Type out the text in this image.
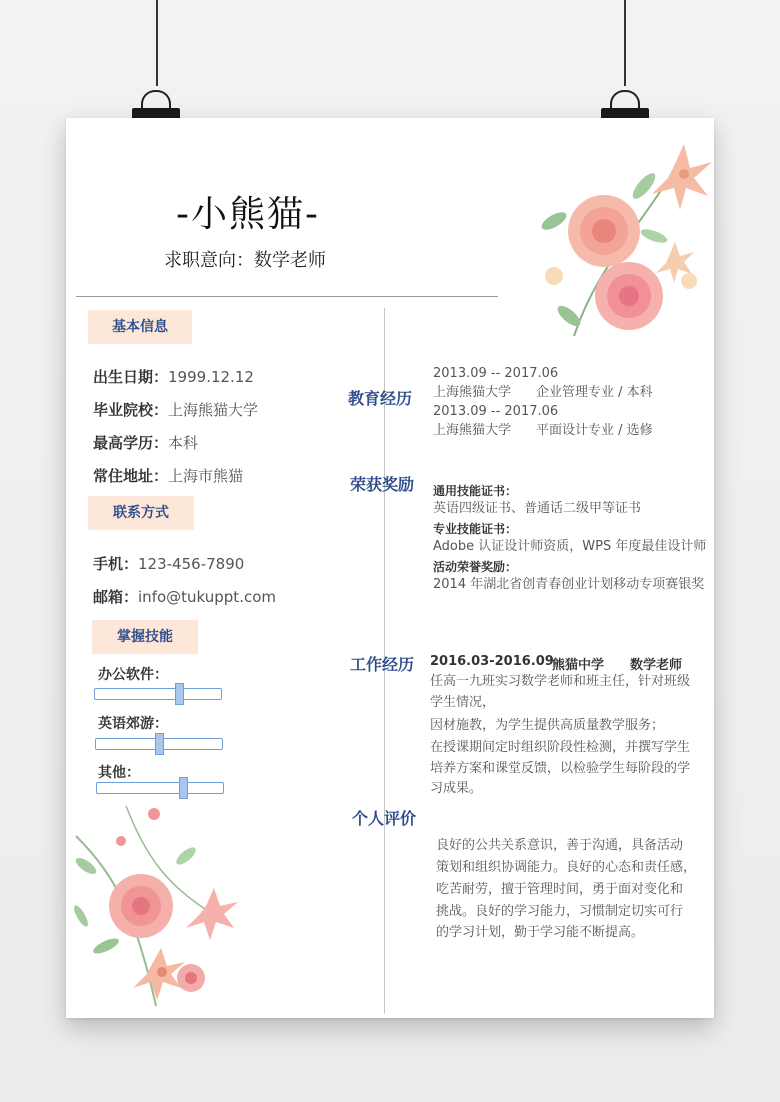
-小熊猫-
求职意向：数学老师
基本信息
出生日期：1999.12.12
毕业院校：上海熊猫大学
最高学历：本科
常住地址：上海市熊猫
联系方式
手机：123-456-7890
邮箱：info@tukuppt.com
掌握技能
办公软件：
英语郊游：
其他：
教育经历
2013.09 -- 2017.06
上海熊猫大学 企业管理专业 / 本科
2013.09 -- 2017.06
上海熊猫大学 平面设计专业 / 选修
荣获奖励 通用技能证书：
英语四级证书、普通话二级甲等证书
专业技能证书：
Adobe 认证设计师资质，WPS 年度最佳设计师
活动荣誉奖励：
2014 年湖北省创青春创业计划移动专项赛银奖
工作经历 2016.03-2016.09
熊猫中学 数学老师
任高一九班实习数学老师和班主任，针对班级
学生情况，
因材施教，为学生提供高质量教学服务；
在授课期间定时组织阶段性检测，并撰写学生
培养方案和课堂反馈，以检验学生每阶段的学
习成果。
个人评价
良好的公共关系意识，善于沟通，具备活动
策划和组织协调能力。良好的心态和责任感，
吃苦耐劳，擅于管理时间，勇于面对变化和
挑战。良好的学习能力，习惯制定切实可行
的学习计划，勤于学习能不断提高。
